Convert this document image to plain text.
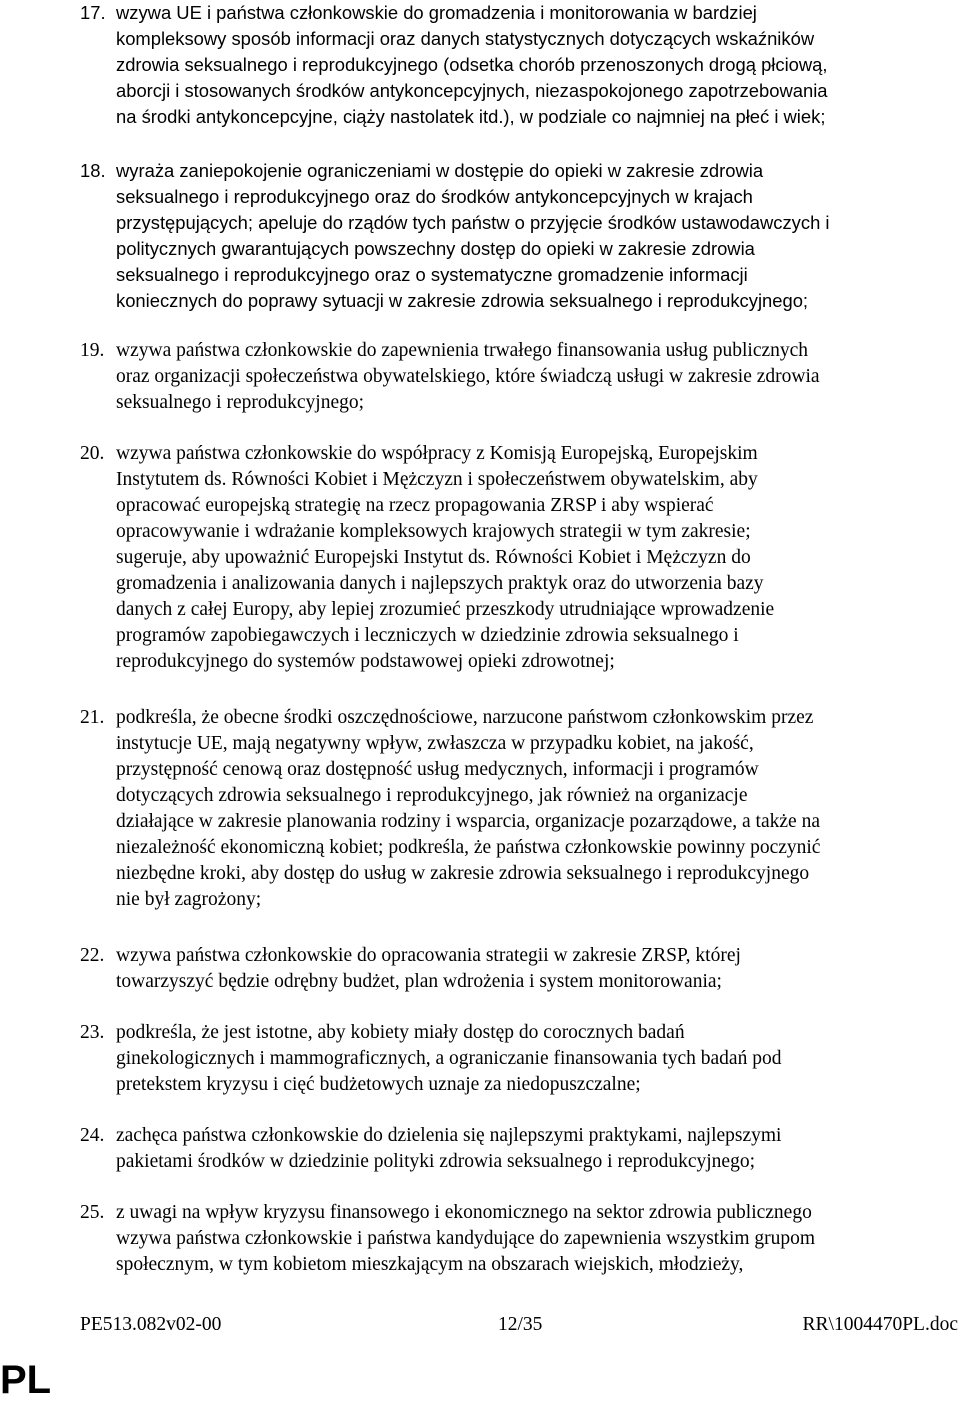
17. wzywa UE i państwa członkowskie do gromadzenia i monitorowania w bardziej
kompleksowy sposób informacji oraz danych statystycznych dotyczących wskaźników
zdrowia seksualnego i reprodukcyjnego (odsetka chorób przenoszonych drogą płciową,
aborcji i stosowanych środków antykoncepcyjnych, niezaspokojonego zapotrzebowania
na środki antykoncepcyjne, ciąży nastolatek itd.), w podziale co najmniej na płeć i wiek;
18. wyraża zaniepokojenie ograniczeniami w dostępie do opieki w zakresie zdrowia
seksualnego i reprodukcyjnego oraz do środków antykoncepcyjnych w krajach
przystępujących; apeluje do rządów tych państw o przyjęcie środków ustawodawczych i
politycznych gwarantujących powszechny dostęp do opieki w zakresie zdrowia
seksualnego i reprodukcyjnego oraz o systematyczne gromadzenie informacji
koniecznych do poprawy sytuacji w zakresie zdrowia seksualnego i reprodukcyjnego;
19. wzywa państwa członkowskie do zapewnienia trwałego finansowania usług publicznych
oraz organizacji społeczeństwa obywatelskiego, które świadczą usługi w zakresie zdrowia
seksualnego i reprodukcyjnego;
20. wzywa państwa członkowskie do współpracy z Komisją Europejską, Europejskim
Instytutem ds. Równości Kobiet i Mężczyzn i społeczeństwem obywatelskim, aby
opracować europejską strategię na rzecz propagowania ZRSP i aby wspierać
opracowywanie i wdrażanie kompleksowych krajowych strategii w tym zakresie;
sugeruje, aby upoważnić Europejski Instytut ds. Równości Kobiet i Mężczyzn do
gromadzenia i analizowania danych i najlepszych praktyk oraz do utworzenia bazy
danych z całej Europy, aby lepiej zrozumieć przeszkody utrudniające wprowadzenie
programów zapobiegawczych i leczniczych w dziedzinie zdrowia seksualnego i
reprodukcyjnego do systemów podstawowej opieki zdrowotnej;
21. podkreśla, że obecne środki oszczędnościowe, narzucone państwom członkowskim przez
instytucje UE, mają negatywny wpływ, zwłaszcza w przypadku kobiet, na jakość,
przystępność cenową oraz dostępność usług medycznych, informacji i programów
dotyczących zdrowia seksualnego i reprodukcyjnego, jak również na organizacje
działające w zakresie planowania rodziny i wsparcia, organizacje pozarządowe, a także na
niezależność ekonomiczną kobiet; podkreśla, że państwa członkowskie powinny poczynić
niezbędne kroki, aby dostęp do usług w zakresie zdrowia seksualnego i reprodukcyjnego
nie był zagrożony;
22. wzywa państwa członkowskie do opracowania strategii w zakresie ZRSP, której
towarzyszyć będzie odrębny budżet, plan wdrożenia i system monitorowania;
23. podkreśla, że jest istotne, aby kobiety miały dostęp do corocznych badań
ginekologicznych i mammograficznych, a ograniczanie finansowania tych badań pod
pretekstem kryzysu i cięć budżetowych uznaje za niedopuszczalne;
24. zachęca państwa członkowskie do dzielenia się najlepszymi praktykami, najlepszymi
pakietami środków w dziedzinie polityki zdrowia seksualnego i reprodukcyjnego;
25. z uwagi na wpływ kryzysu finansowego i ekonomicznego na sektor zdrowia publicznego
wzywa państwa członkowskie i państwa kandydujące do zapewnienia wszystkim grupom
społecznym, w tym kobietom mieszkającym na obszarach wiejskich, młodzieży,
PE513.082v02-00	12/35	RR\1004470PL.doc
PL
